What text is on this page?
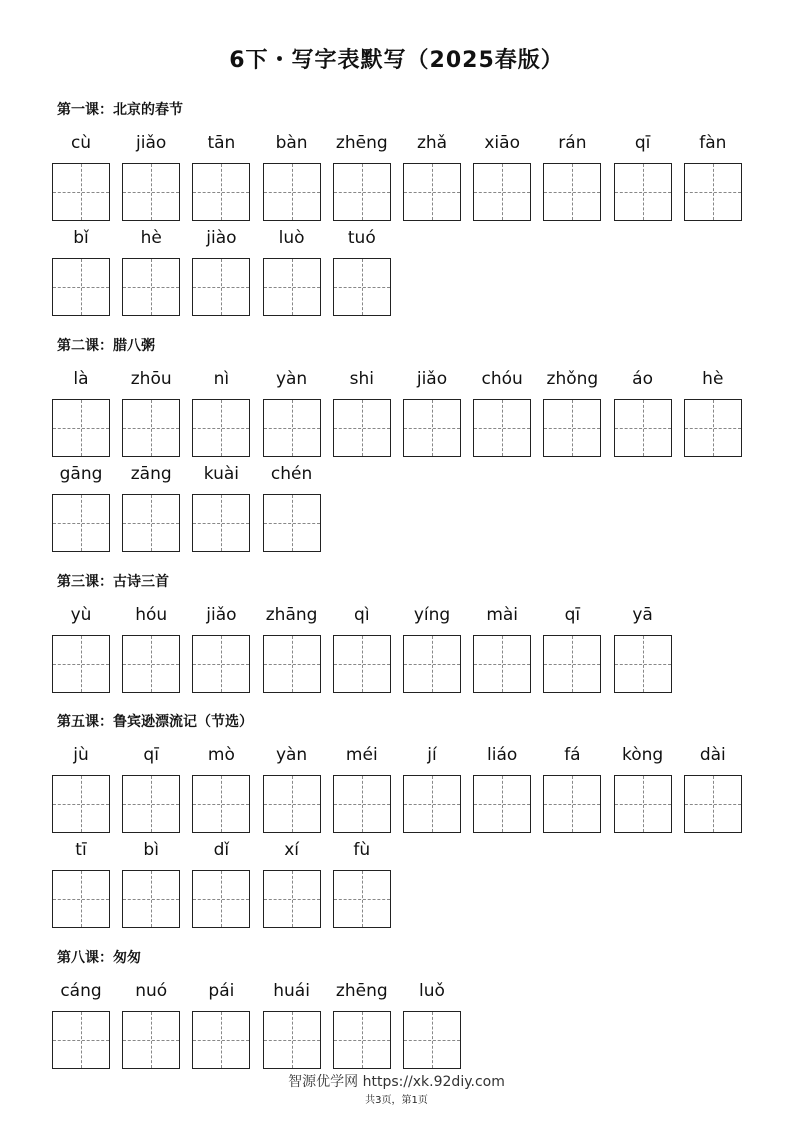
6下・写字表默写（2025春版）
第一课：北京的春节
cù	jiǎo	tān	bàn	zhēng	zhǎ	xiāo	rán	qī	fàn
bǐ	hè	jiào	luò	tuó
第二课：腊八粥
là	zhōu	nì	yàn	shi	jiǎo	chóu	zhǒng	áo	hè
gāng	zāng	kuài	chén
第三课：古诗三首
yù	hóu	jiǎo	zhāng	qì	yíng	mài	qī	yā
第五课：鲁宾逊漂流记（节选）
jù	qī	mò	yàn	méi	jí	liáo	fá	kòng	dài
tī	bì	dǐ	xí	fù
第八课：匆匆
cáng	nuó	pái	huái	zhēng	luǒ
智源优学网 https://xk.92diy.com
共3页，第1页
